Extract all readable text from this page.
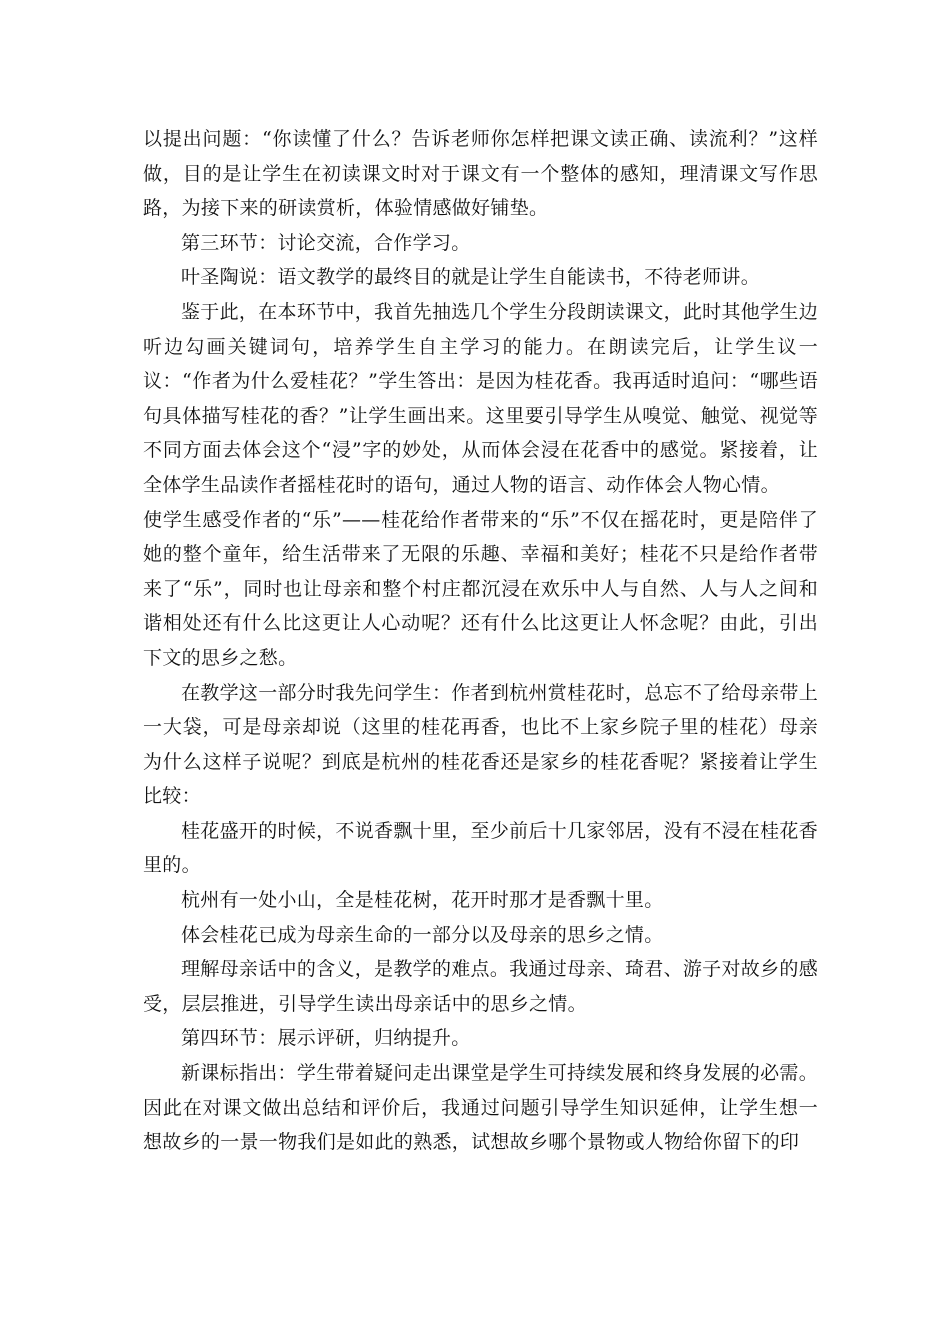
以提出问题：“你读懂了什么？告诉老师你怎样把课文读正确、读流利？”这样做，目的是让学生在初读课文时对于课文有一个整体的感知，理清课文写作思路，为接下来的研读赏析，体验情感做好铺垫。

第三环节：讨论交流，合作学习。

叶圣陶说：语文教学的最终目的就是让学生自能读书，不待老师讲。

鉴于此，在本环节中，我首先抽选几个学生分段朗读课文，此时其他学生边听边勾画关键词句，培养学生自主学习的能力。在朗读完后，让学生议一议：“作者为什么爱桂花？”学生答出：是因为桂花香。我再适时追问：“哪些语句具体描写桂花的香？”让学生画出来。这里要引导学生从嗅觉、触觉、视觉等不同方面去体会这个“浸”字的妙处，从而体会浸在花香中的感觉。紧接着，让全体学生品读作者摇桂花时的语句，通过人物的语言、动作体会人物心情。

使学生感受作者的“乐”——桂花给作者带来的“乐”不仅在摇花时，更是陪伴了她的整个童年，给生活带来了无限的乐趣、幸福和美好；桂花不只是给作者带来了“乐”，同时也让母亲和整个村庄都沉浸在欢乐中人与自然、人与人之间和谐相处还有什么比这更让人心动呢？还有什么比这更让人怀念呢？由此，引出下文的思乡之愁。

在教学这一部分时我先问学生：作者到杭州赏桂花时，总忘不了给母亲带上一大袋，可是母亲却说（这里的桂花再香，也比不上家乡院子里的桂花）母亲为什么这样子说呢？到底是杭州的桂花香还是家乡的桂花香呢？紧接着让学生比较：

桂花盛开的时候，不说香飘十里，至少前后十几家邻居，没有不浸在桂花香里的。

杭州有一处小山，全是桂花树，花开时那才是香飘十里。

体会桂花已成为母亲生命的一部分以及母亲的思乡之情。

理解母亲话中的含义，是教学的难点。我通过母亲、琦君、游子对故乡的感受，层层推进，引导学生读出母亲话中的思乡之情。

第四环节：展示评研，归纳提升。

新课标指出：学生带着疑问走出课堂是学生可持续发展和终身发展的必需。因此在对课文做出总结和评价后，我通过问题引导学生知识延伸，让学生想一想故乡的一景一物我们是如此的熟悉，试想故乡哪个景物或人物给你留下的印
